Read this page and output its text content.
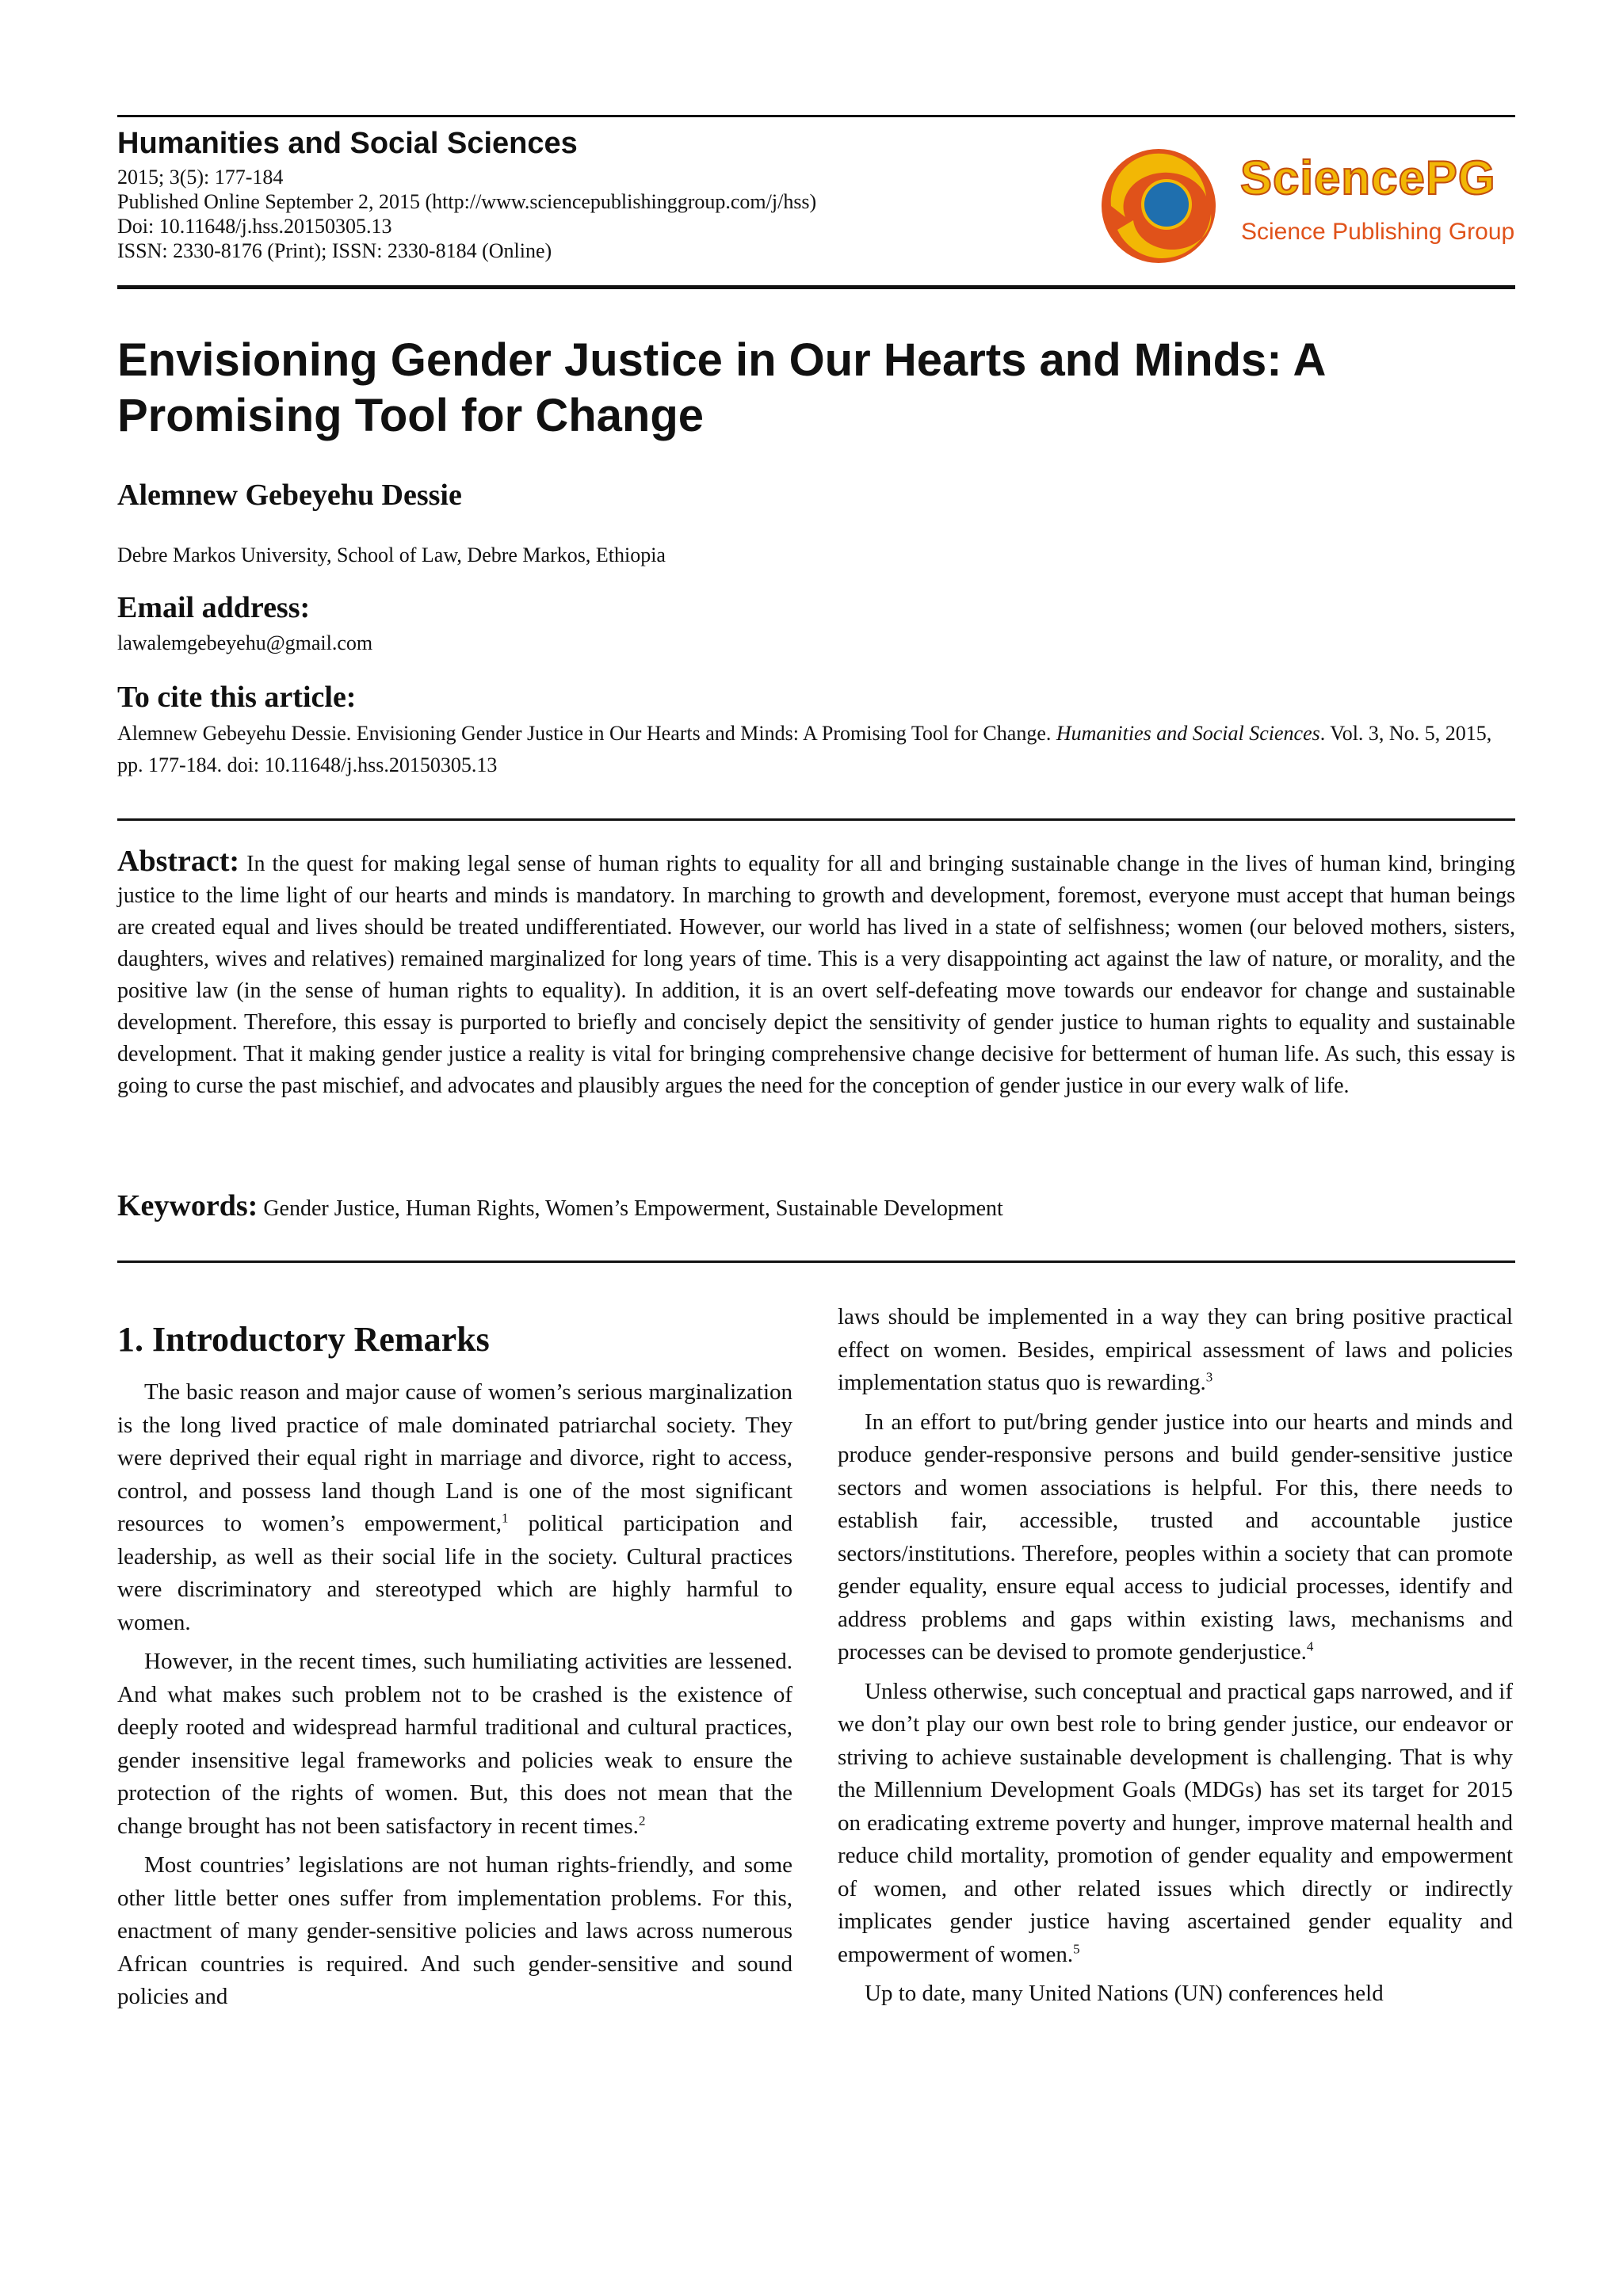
Humanities and Social Sciences
2015; 3(5): 177-184
Published Online September 2, 2015 (http://www.sciencepublishinggroup.com/j/hss)
Doi: 10.11648/j.hss.20150305.13
ISSN: 2330-8176 (Print); ISSN: 2330-8184 (Online)
SciencePG
Science Publishing Group
Envisioning Gender Justice in Our Hearts and Minds: A Promising Tool for Change
Alemnew Gebeyehu Dessie
Debre Markos University, School of Law, Debre Markos, Ethiopia
Email address:
lawalemgebeyehu@gmail.com
To cite this article:
Alemnew Gebeyehu Dessie. Envisioning Gender Justice in Our Hearts and Minds: A Promising Tool for Change. Humanities and Social Sciences. Vol. 3, No. 5, 2015, pp. 177-184. doi: 10.11648/j.hss.20150305.13
Abstract: In the quest for making legal sense of human rights to equality for all and bringing sustainable change in the lives of human kind, bringing justice to the lime light of our hearts and minds is mandatory. In marching to growth and development, foremost, everyone must accept that human beings are created equal and lives should be treated undifferentiated. However, our world has lived in a state of selfishness; women (our beloved mothers, sisters, daughters, wives and relatives) remained marginalized for long years of time. This is a very disappointing act against the law of nature, or morality, and the positive law (in the sense of human rights to equality). In addition, it is an overt self-defeating move towards our endeavor for change and sustainable development. Therefore, this essay is purported to briefly and concisely depict the sensitivity of gender justice to human rights to equality and sustainable development. That it making gender justice a reality is vital for bringing comprehensive change decisive for betterment of human life. As such, this essay is going to curse the past mischief, and advocates and plausibly argues the need for the conception of gender justice in our every walk of life.
Keywords: Gender Justice, Human Rights, Women’s Empowerment, Sustainable Development
1. Introductory Remarks

The basic reason and major cause of women’s serious marginalization is the long lived practice of male dominated patriarchal society. They were deprived their equal right in marriage and divorce, right to access, control, and possess land though Land is one of the most significant resources to women’s empowerment,$^1$ political participation and leadership, as well as their social life in the society. Cultural practices were discriminatory and stereotyped which are highly harmful to women.

However, in the recent times, such humiliating activities are lessened. And what makes such problem not to be crashed is the existence of deeply rooted and widespread harmful traditional and cultural practices, gender insensitive legal frameworks and policies weak to ensure the protection of the rights of women. But, this does not mean that the change brought has not been satisfactory in recent times.$^2$

Most countries’ legislations are not human rights-friendly, and some other little better ones suffer from implementation problems. For this, enactment of many gender-sensitive policies and laws across numerous African countries is required. And such gender-sensitive and sound policies and

laws should be implemented in a way they can bring positive practical effect on women. Besides, empirical assessment of laws and policies implementation status quo is rewarding.$^3$

In an effort to put/bring gender justice into our hearts and minds and produce gender-responsive persons and build gender-sensitive justice sectors and women associations is helpful. For this, there needs to establish fair, accessible, trusted and accountable justice sectors/institutions. Therefore, peoples within a society that can promote gender equality, ensure equal access to judicial processes, identify and address problems and gaps within existing laws, mechanisms and processes can be devised to promote genderjustice.$^4$

Unless otherwise, such conceptual and practical gaps narrowed, and if we don’t play our own best role to bring gender justice, our endeavor or striving to achieve sustainable development is challenging. That is why the Millennium Development Goals (MDGs) has set its target for 2015 on eradicating extreme poverty and hunger, improve maternal health and reduce child mortality, promotion of gender equality and empowerment of women, and other related issues which directly or indirectly implicates gender justice having ascertained gender equality and empowerment of women.$^5$

Up to date, many United Nations (UN) conferences held
